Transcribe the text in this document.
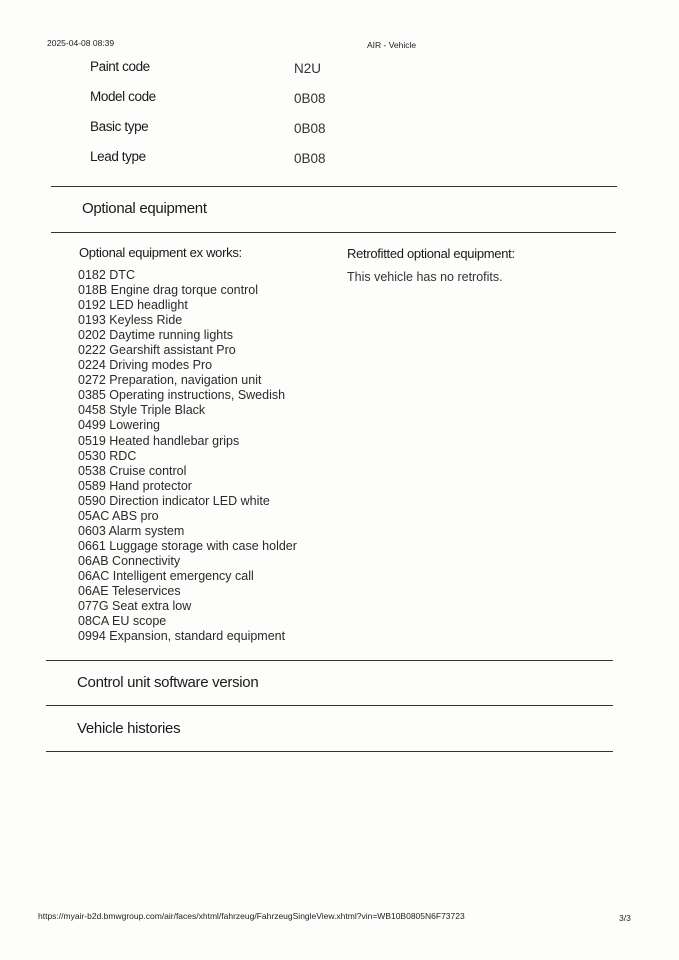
2025-04-08 08:39	AIR - Vehicle
Paint code	N2U
Model code	0B08
Basic type	0B08
Lead type	0B08
Optional equipment
Optional equipment ex works:
0182 DTC
018B Engine drag torque control
0192 LED headlight
0193 Keyless Ride
0202 Daytime running lights
0222 Gearshift assistant Pro
0224 Driving modes Pro
0272 Preparation, navigation unit
0385 Operating instructions, Swedish
0458 Style Triple Black
0499 Lowering
0519 Heated handlebar grips
0530 RDC
0538 Cruise control
0589 Hand protector
0590 Direction indicator LED white
05AC ABS pro
0603 Alarm system
0661 Luggage storage with case holder
06AB Connectivity
06AC Intelligent emergency call
06AE Teleservices
077G Seat extra low
08CA EU scope
0994 Expansion, standard equipment
Retrofitted optional equipment:
This vehicle has no retrofits.
Control unit software version
Vehicle histories
https://myair-b2d.bmwgroup.com/air/faces/xhtml/fahrzeug/FahrzeugSingleView.xhtml?vin=WB10B0805N6F73723	3/3
